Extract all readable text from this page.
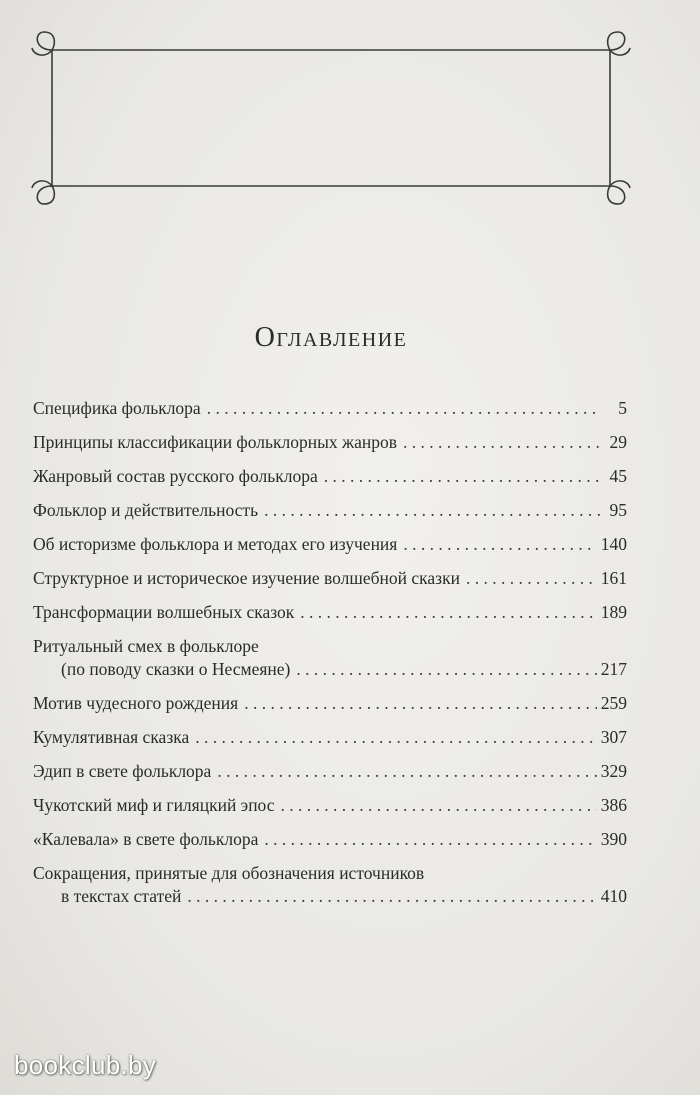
Оглавление
Специфика фольклора . . .	5
Принципы классификации фольклорных жанров . . .	29
Жанровый состав русского фольклора . . .	45
Фольклор и действительность . . .	95
Об историзме фольклора и методах его изучения . . .	140
Структурное и историческое изучение волшебной сказки . . .	161
Трансформации волшебных сказок . . .	189
Ритуальный смех в фольклоре
(по поводу сказки о Несмеяне) . . .	217
Мотив чудесного рождения . . .	259
Кумулятивная сказка . . .	307
Эдип в свете фольклора . . .	329
Чукотский миф и гиляцкий эпос . . .	386
«Калевала» в свете фольклора . . .	390
Сокращения, принятые для обозначения источников
в текстах статей . . .	410
bookclub.by
